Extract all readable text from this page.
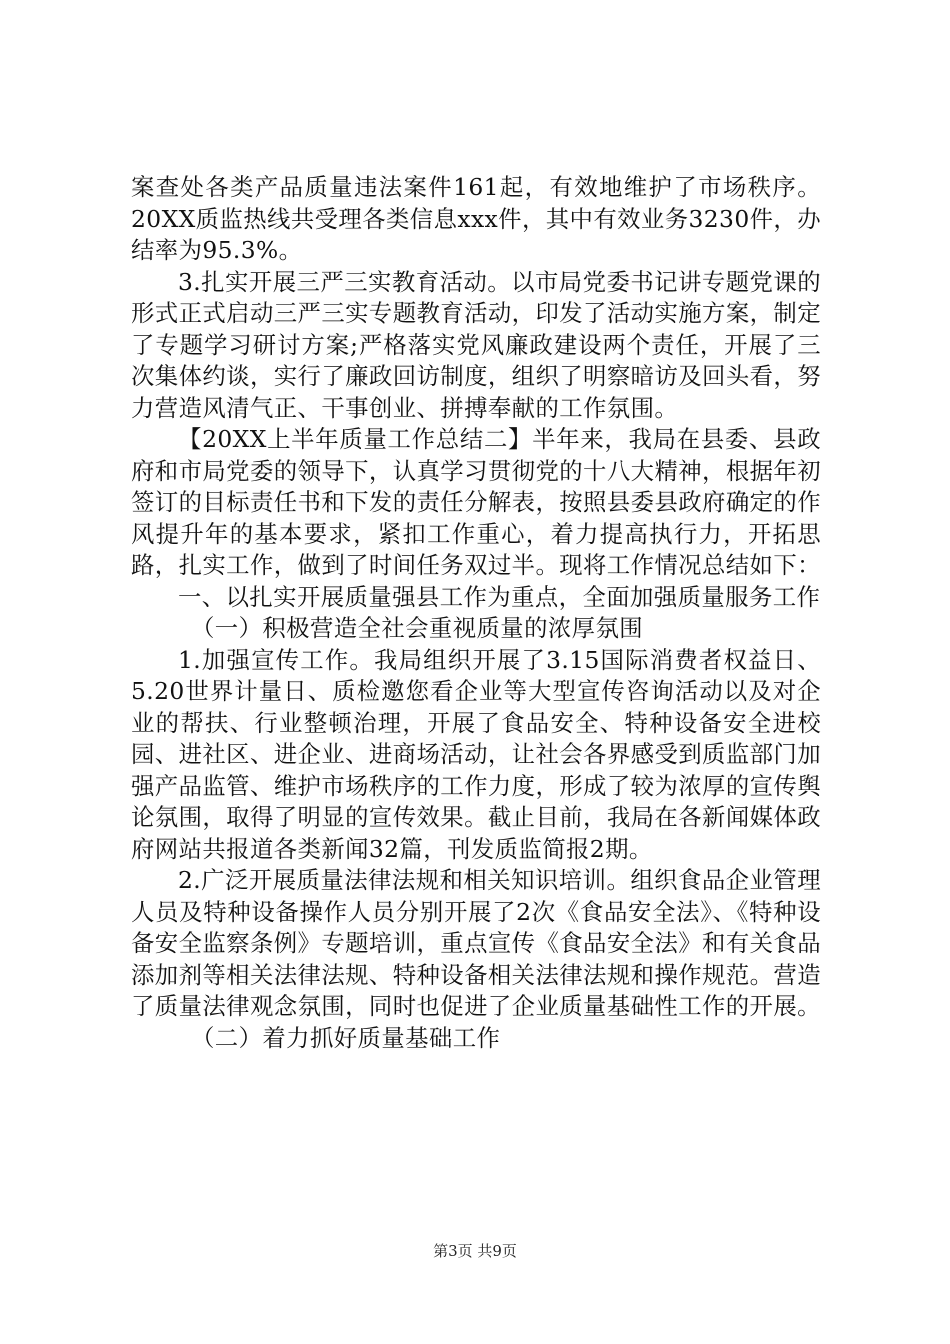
案查处各类产品质量违法案件161起，有效地维护了市场秩序。20XX质监热线共受理各类信息xxx件，其中有效业务3230件，办结率为95.3%。

3.扎实开展三严三实教育活动。以市局党委书记讲专题党课的形式正式启动三严三实专题教育活动，印发了活动实施方案，制定了专题学习研讨方案;严格落实党风廉政建设两个责任，开展了三次集体约谈，实行了廉政回访制度，组织了明察暗访及回头看，努力营造风清气正、干事创业、拼搏奉献的工作氛围。

【20XX上半年质量工作总结二】半年来，我局在县委、县政府和市局党委的领导下，认真学习贯彻党的十八大精神，根据年初签订的目标责任书和下发的责任分解表，按照县委县政府确定的作风提升年的基本要求，紧扣工作重心，着力提高执行力，开拓思路，扎实工作，做到了时间任务双过半。现将工作情况总结如下：

一、以扎实开展质量强县工作为重点，全面加强质量服务工作

（一）积极营造全社会重视质量的浓厚氛围

1.加强宣传工作。我局组织开展了3.15国际消费者权益日、5.20世界计量日、质检邀您看企业等大型宣传咨询活动以及对企业的帮扶、行业整顿治理，开展了食品安全、特种设备安全进校园、进社区、进企业、进商场活动，让社会各界感受到质监部门加强产品监管、维护市场秩序的工作力度，形成了较为浓厚的宣传舆论氛围，取得了明显的宣传效果。截止目前，我局在各新闻媒体政府网站共报道各类新闻32篇，刊发质监简报2期。

2.广泛开展质量法律法规和相关知识培训。组织食品企业管理人员及特种设备操作人员分别开展了2次《食品安全法》、《特种设备安全监察条例》专题培训，重点宣传《食品安全法》和有关食品添加剂等相关法律法规、特种设备相关法律法规和操作规范。营造了质量法律观念氛围，同时也促进了企业质量基础性工作的开展。

（二）着力抓好质量基础工作

第3页 共9页
